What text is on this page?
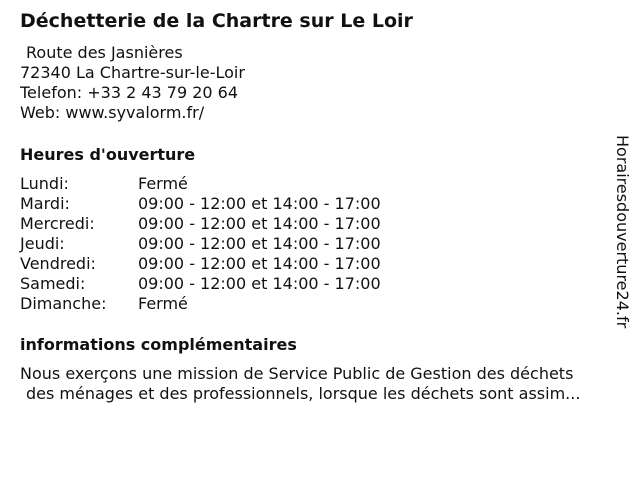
Déchetterie de la Chartre sur Le Loir
Route des Jasnières
72340 La Chartre-sur-le-Loir
Telefon: +33 2 43 79 20 64
Web: www.syvalorm.fr/
Heures d'ouverture
Lundi:	Fermé
Mardi:	09:00 - 12:00 et 14:00 - 17:00
Mercredi:	09:00 - 12:00 et 14:00 - 17:00
Jeudi:	09:00 - 12:00 et 14:00 - 17:00
Vendredi:	09:00 - 12:00 et 14:00 - 17:00
Samedi:	09:00 - 12:00 et 14:00 - 17:00
Dimanche: Fermé
informations complémentaires
Nous exerçons une mission de Service Public de Gestion des déchets
des ménages et des professionnels, lorsque les déchets sont assim...
Horairesdouverture24.fr
